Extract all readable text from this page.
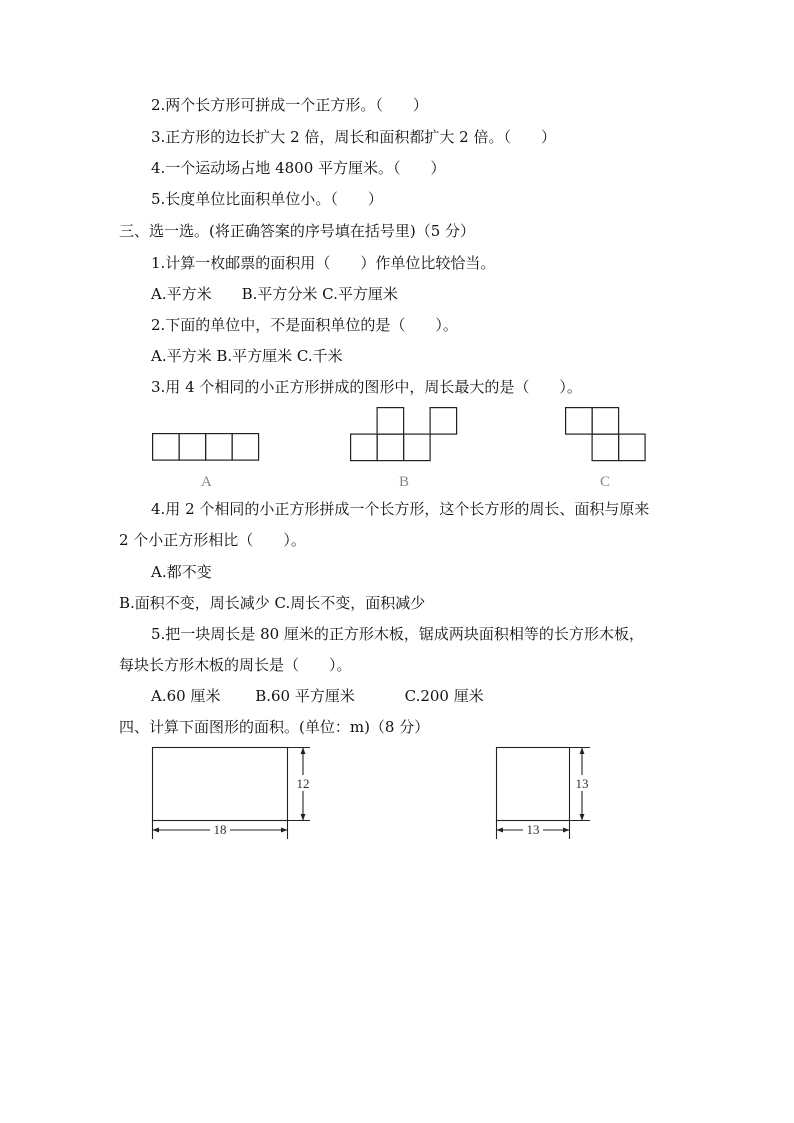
2.两个长方形可拼成一个正方形。（　　）
3.正方形的边长扩大 2 倍，周长和面积都扩大 2 倍。（　　）
4.一个运动场占地 4800 平方厘米。（　　）
5.长度单位比面积单位小。（　　）
三、选一选。(将正确答案的序号填在括号里)（5 分）
1.计算一枚邮票的面积用（　　）作单位比较恰当。
A.平方米　　B.平方分米 C.平方厘米
2.下面的单位中，不是面积单位的是（　　）。
A.平方米 B.平方厘米 C.千米
3.用 4 个相同的小正方形拼成的图形中，周长最大的是（　　）。
A	B	C
4.用 2 个相同的小正方形拼成一个长方形，这个长方形的周长、面积与原来
2 个小正方形相比（　　）。
A.都不变
B.面积不变，周长减少 C.周长不变，面积减少
5.把一块周长是 80 厘米的正方形木板，锯成两块面积相等的长方形木板，
每块长方形木板的周长是（　　）。
A.60 厘米　　 B.60 平方厘米　　　 C.200 厘米
四、计算下面图形的面积。(单位：m)（8 分）
12
18
13
13
